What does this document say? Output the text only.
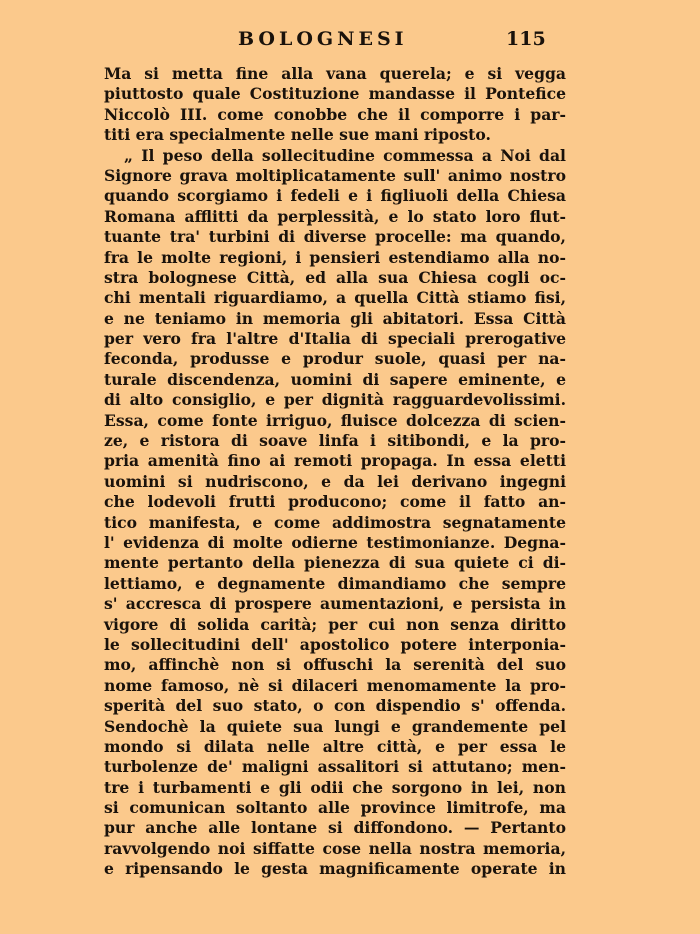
BOLOGNESI	115
Ma si metta fine alla vana querela; e si vegga
piuttosto quale Costituzione mandasse il Pontefice
Niccolò III. come conobbe che il comporre i par-
titi era specialmente nelle sue mani riposto.
„ Il peso della sollecitudine commessa a Noi dal
Signore grava moltiplicatamente sull' animo nostro
quando scorgiamo i fedeli e i figliuoli della Chiesa
Romana afflitti da perplessità, e lo stato loro flut-
tuante tra' turbini di diverse procelle: ma quando,
fra le molte regioni, i pensieri estendiamo alla no-
stra bolognese Città, ed alla sua Chiesa cogli oc-
chi mentali riguardiamo, a quella Città stiamo fisi,
e ne teniamo in memoria gli abitatori. Essa Città
per vero fra l'altre d'Italia di speciali prerogative
feconda, produsse e produr suole, quasi per na-
turale discendenza, uomini di sapere eminente, e
di alto consiglio, e per dignità ragguardevolissimi.
Essa, come fonte irriguo, fluisce dolcezza di scien-
ze, e ristora di soave linfa i sitibondi, e la pro-
pria amenità fino ai remoti propaga. In essa eletti
uomini si nudriscono, e da lei derivano ingegni
che lodevoli frutti producono; come il fatto an-
tico manifesta, e come addimostra segnatamente
l' evidenza di molte odierne testimonianze. Degna-
mente pertanto della pienezza di sua quiete ci di-
lettiamo, e degnamente dimandiamo che sempre
s' accresca di prospere aumentazioni, e persista in
vigore di solida carità; per cui non senza diritto
le sollecitudini dell' apostolico potere interponia-
mo, affinchè non si offuschi la serenità del suo
nome famoso, nè si dilaceri menomamente la pro-
sperità del suo stato, o con dispendio s' offenda.
Sendochè la quiete sua lungi e grandemente pel
mondo si dilata nelle altre città, e per essa le
turbolenze de' maligni assalitori si attutano; men-
tre i turbamenti e gli odii che sorgono in lei, non
si comunican soltanto alle province limitrofe, ma
pur anche alle lontane si diffondono. — Pertanto
ravvolgendo noi siffatte cose nella nostra memoria,
e ripensando le gesta magnificamente operate in
